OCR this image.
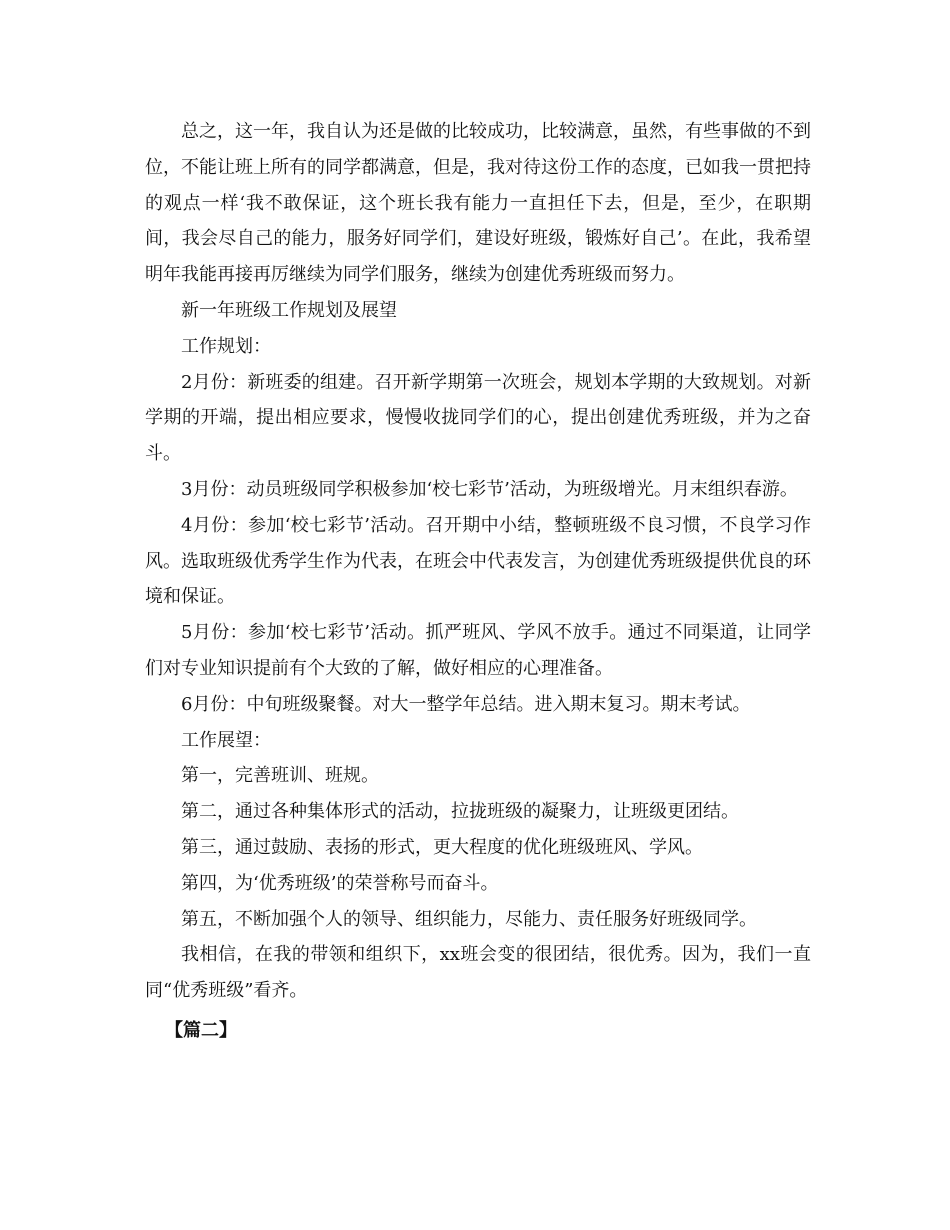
总之，这一年，我自认为还是做的比较成功，比较满意，虽然，有些事做的不到位，不能让班上所有的同学都满意，但是，我对待这份工作的态度，已如我一贯把持的观点一样‘我不敢保证，这个班长我有能力一直担任下去，但是，至少，在职期间，我会尽自己的能力，服务好同学们，建设好班级，锻炼好自己’。在此，我希望明年我能再接再厉继续为同学们服务，继续为创建优秀班级而努力。

新一年班级工作规划及展望

工作规划：

2月份：新班委的组建。召开新学期第一次班会，规划本学期的大致规划。对新学期的开端，提出相应要求，慢慢收拢同学们的心，提出创建优秀班级，并为之奋斗。

3月份：动员班级同学积极参加‘校七彩节’活动，为班级增光。月末组织春游。

4月份：参加‘校七彩节’活动。召开期中小结，整顿班级不良习惯，不良学习作风。选取班级优秀学生作为代表，在班会中代表发言，为创建优秀班级提供优良的环境和保证。

5月份：参加‘校七彩节’活动。抓严班风、学风不放手。通过不同渠道，让同学们对专业知识提前有个大致的了解，做好相应的心理准备。

6月份：中旬班级聚餐。对大一整学年总结。进入期末复习。期末考试。

工作展望：

第一，完善班训、班规。

第二，通过各种集体形式的活动，拉拢班级的凝聚力，让班级更团结。

第三，通过鼓励、表扬的形式，更大程度的优化班级班风、学风。

第四，为‘优秀班级’的荣誉称号而奋斗。

第五，不断加强个人的领导、组织能力，尽能力、责任服务好班级同学。

我相信，在我的带领和组织下，xx班会变的很团结，很优秀。因为，我们一直同“优秀班级”看齐。

【篇二】
